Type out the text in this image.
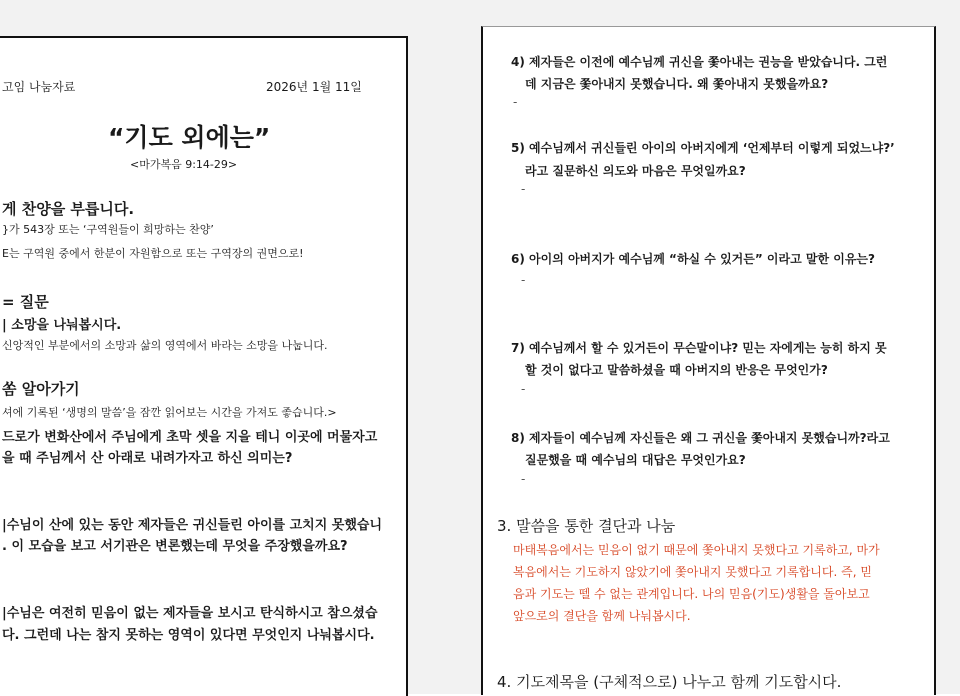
고임 나눔자료	2026년 1월 11일
“기도 외에는”
<마가복음 9:14-29>
게 찬양을 부릅니다.
}가 543장 또는 ‘구역원들이 희망하는 찬양’
E는 구역원 중에서 한분이 자원함으로 또는 구역장의 권면으로!
= 질문
| 소망을 나눠봅시다.
신앙적인 부분에서의 소망과 삶의 영역에서 바라는 소망을 나눕니다.
쏨 알아가기
셔에 기록된 ‘생명의 말씀’을 잠깐 읽어보는 시간을 가져도 좋습니다.>
드로가 변화산에서 주님에게 초막 셋을 지을 테니 이곳에 머물자고
을 때 주님께서 산 아래로 내려가자고 하신 의미는?
|수님이 산에 있는 동안 제자들은 귀신들린 아이를 고치지 못했습니
. 이 모습을 보고 서기관은 변론했는데 무엇을 주장했을까요?
|수님은 여전히 믿음이 없는 제자들을 보시고 탄식하시고 참으셨습
다. 그런데 나는 참지 못하는 영역이 있다면 무엇인지 나눠봅시다.
4) 제자들은 이전에 예수님께 귀신을 쫓아내는 권능을 받았습니다. 그런
데 지금은 쫓아내지 못했습니다. 왜 쫓아내지 못했을까요?
-
5) 예수님께서 귀신들린 아이의 아버지에게 ‘언제부터 이렇게 되었느냐?’
라고 질문하신 의도와 마음은 무엇일까요?
-
6) 아이의 아버지가 예수님께 “하실 수 있거든” 이라고 말한 이유는?
-
7) 예수님께서 할 수 있거든이 무슨말이냐? 믿는 자에게는 능히 하지 못
할 것이 없다고 말씀하셨을 때 아버지의 반응은 무엇인가?
-
8) 제자들이 예수님께 자신들은 왜 그 귀신을 쫓아내지 못했습니까?라고
질문했을 때 예수님의 대답은 무엇인가요?
-
3. 말씀을 통한 결단과 나눔
마태복음에서는 믿음이 없기 때문에 쫓아내지 못했다고 기록하고, 마가
복음에서는 기도하지 않았기에 쫓아내지 못했다고 기록합니다. 즉, 믿
음과 기도는 뗄 수 없는 관계입니다. 나의 믿음(기도)생활을 돌아보고
앞으로의 결단을 함께 나눠봅시다.
4. 기도제목을 (구체적으로) 나누고 함께 기도합시다.
